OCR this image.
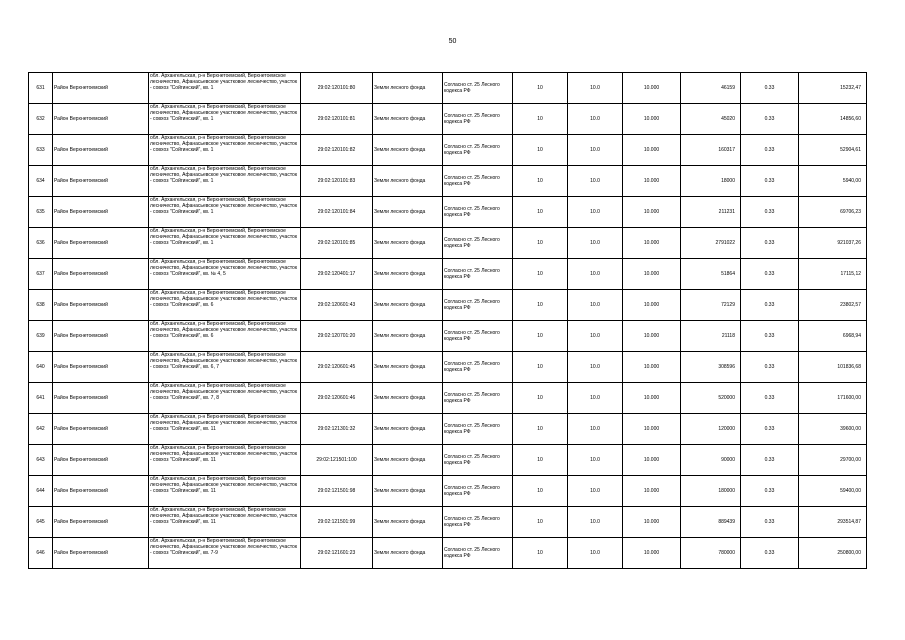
50
631	Район Верхнетоемский	обл. Архангельская, р-н Верхнетоемский, Верхнетоемское лесничество, Афанасьевское участковое лесничество, участок - совхоз "Сойгинский", кв. 1	29:02:120101:80	Земли лесного фонда	Согласно ст. 25 Лесного кодекса РФ	10	10.0	10.000	46159	0.33	15232,47
632	Район Верхнетоемский	обл. Архангельская, р-н Верхнетоемский, Верхнетоемское лесничество, Афанасьевское участковое лесничество, участок - совхоз "Сойгинский", кв. 1	29:02:120101:81	Земли лесного фонда	Согласно ст. 25 Лесного кодекса РФ	10	10.0	10.000	45020	0.33	14856,60
633	Район Верхнетоемский	обл. Архангельская, р-н Верхнетоемский, Верхнетоемское лесничество, Афанасьевское участковое лесничество, участок - совхоз "Сойгинский", кв. 1	29:02:120101:82	Земли лесного фонда	Согласно ст. 25 Лесного кодекса РФ	10	10.0	10.000	160317	0.33	52904,61
634	Район Верхнетоемский	обл. Архангельская, р-н Верхнетоемский, Верхнетоемское лесничество, Афанасьевское участковое лесничество, участок - совхоз "Сойгинский", кв. 1	29:02:120101:83	Земли лесного фонда	Согласно ст. 25 Лесного кодекса РФ	10	10.0	10.000	18000	0.33	5940,00
635	Район Верхнетоемский	обл. Архангельская, р-н Верхнетоемский, Верхнетоемское лесничество, Афанасьевское участковое лесничество, участок - совхоз "Сойгинский", кв. 1	29:02:120101:84	Земли лесного фонда	Согласно ст. 25 Лесного кодекса РФ	10	10.0	10.000	211231	0.33	69706,23
636	Район Верхнетоемский	обл. Архангельская, р-н Верхнетоемский, Верхнетоемское лесничество, Афанасьевское участковое лесничество, участок - совхоз "Сойгинский", кв. 1	29:02:120101:85	Земли лесного фонда	Согласно ст. 25 Лесного кодекса РФ	10	10.0	10.000	2791022	0.33	921037,26
637	Район Верхнетоемский	обл. Архангельская, р-н Верхнетоемский, Верхнетоемское лесничество, Афанасьевское участковое лесничество, участок - совхоз "Сойгинский", кв. № 4, 5	29:02:120401:17	Земли лесного фонда	Согласно ст. 25 Лесного кодекса РФ	10	10.0	10.000	51864	0.33	17115,12
638	Район Верхнетоемский	обл. Архангельская, р-н Верхнетоемский, Верхнетоемское лесничество, Афанасьевское участковое лесничество, участок - совхоз "Сойгинский", кв. 6	29:02:120601:43	Земли лесного фонда	Согласно ст. 25 Лесного кодекса РФ	10	10.0	10.000	72129	0.33	23802,57
639	Район Верхнетоемский	обл. Архангельская, р-н Верхнетоемский, Верхнетоемское лесничество, Афанасьевское участковое лесничество, участок - совхоз "Сойгинский", кв. 6	29:02:120701:20	Земли лесного фонда	Согласно ст. 25 Лесного кодекса РФ	10	10.0	10.000	21118	0.33	6968,94
640	Район Верхнетоемский	обл. Архангельская, р-н Верхнетоемский, Верхнетоемское лесничество, Афанасьевское участковое лесничество, участок - совхоз "Сойгинский", кв. 6, 7	29:02:120601:45	Земли лесного фонда	Согласно ст. 25 Лесного кодекса РФ	10	10.0	10.000	308596	0.33	101836,68
641	Район Верхнетоемский	обл. Архангельская, р-н Верхнетоемский, Верхнетоемское лесничество, Афанасьевское участковое лесничество, участок - совхоз "Сойгинский", кв. 7, 8	29:02:120601:46	Земли лесного фонда	Согласно ст. 25 Лесного кодекса РФ	10	10.0	10.000	520000	0.33	171600,00
642	Район Верхнетоемский	обл. Архангельская, р-н Верхнетоемский, Верхнетоемское лесничество, Афанасьевское участковое лесничество, участок - совхоз "Сойгинский", кв. 11	29:02:121301:32	Земли лесного фонда	Согласно ст. 25 Лесного кодекса РФ	10	10.0	10.000	120000	0.33	39600,00
643	Район Верхнетоемский	обл. Архангельская, р-н Верхнетоемский, Верхнетоемское лесничество, Афанасьевское участковое лесничество, участок - совхоз "Сойгинский", кв. 11	29:02:121501:100	Земли лесного фонда	Согласно ст. 25 Лесного кодекса РФ	10	10.0	10.000	90000	0.33	29700,00
644	Район Верхнетоемский	обл. Архангельская, р-н Верхнетоемский, Верхнетоемское лесничество, Афанасьевское участковое лесничество, участок - совхоз "Сойгинский", кв. 11	29:02:121501:98	Земли лесного фонда	Согласно ст. 25 Лесного кодекса РФ	10	10.0	10.000	180000	0.33	59400,00
645	Район Верхнетоемский	обл. Архангельская, р-н Верхнетоемский, Верхнетоемское лесничество, Афанасьевское участковое лесничество, участок - совхоз "Сойгинский", кв. 11	29:02:121501:99	Земли лесного фонда	Согласно ст. 25 Лесного кодекса РФ	10	10.0	10.000	889439	0.33	293514,87
646	Район Верхнетоемский	обл. Архангельская, р-н Верхнетоемский, Верхнетоемское лесничество, Афанасьевское участковое лесничество, участок - совхоз "Сойгинский", кв. 7-9	29:02:121601:23	Земли лесного фонда	Согласно ст. 25 Лесного кодекса РФ	10	10.0	10.000	780000	0.33	250800,00
